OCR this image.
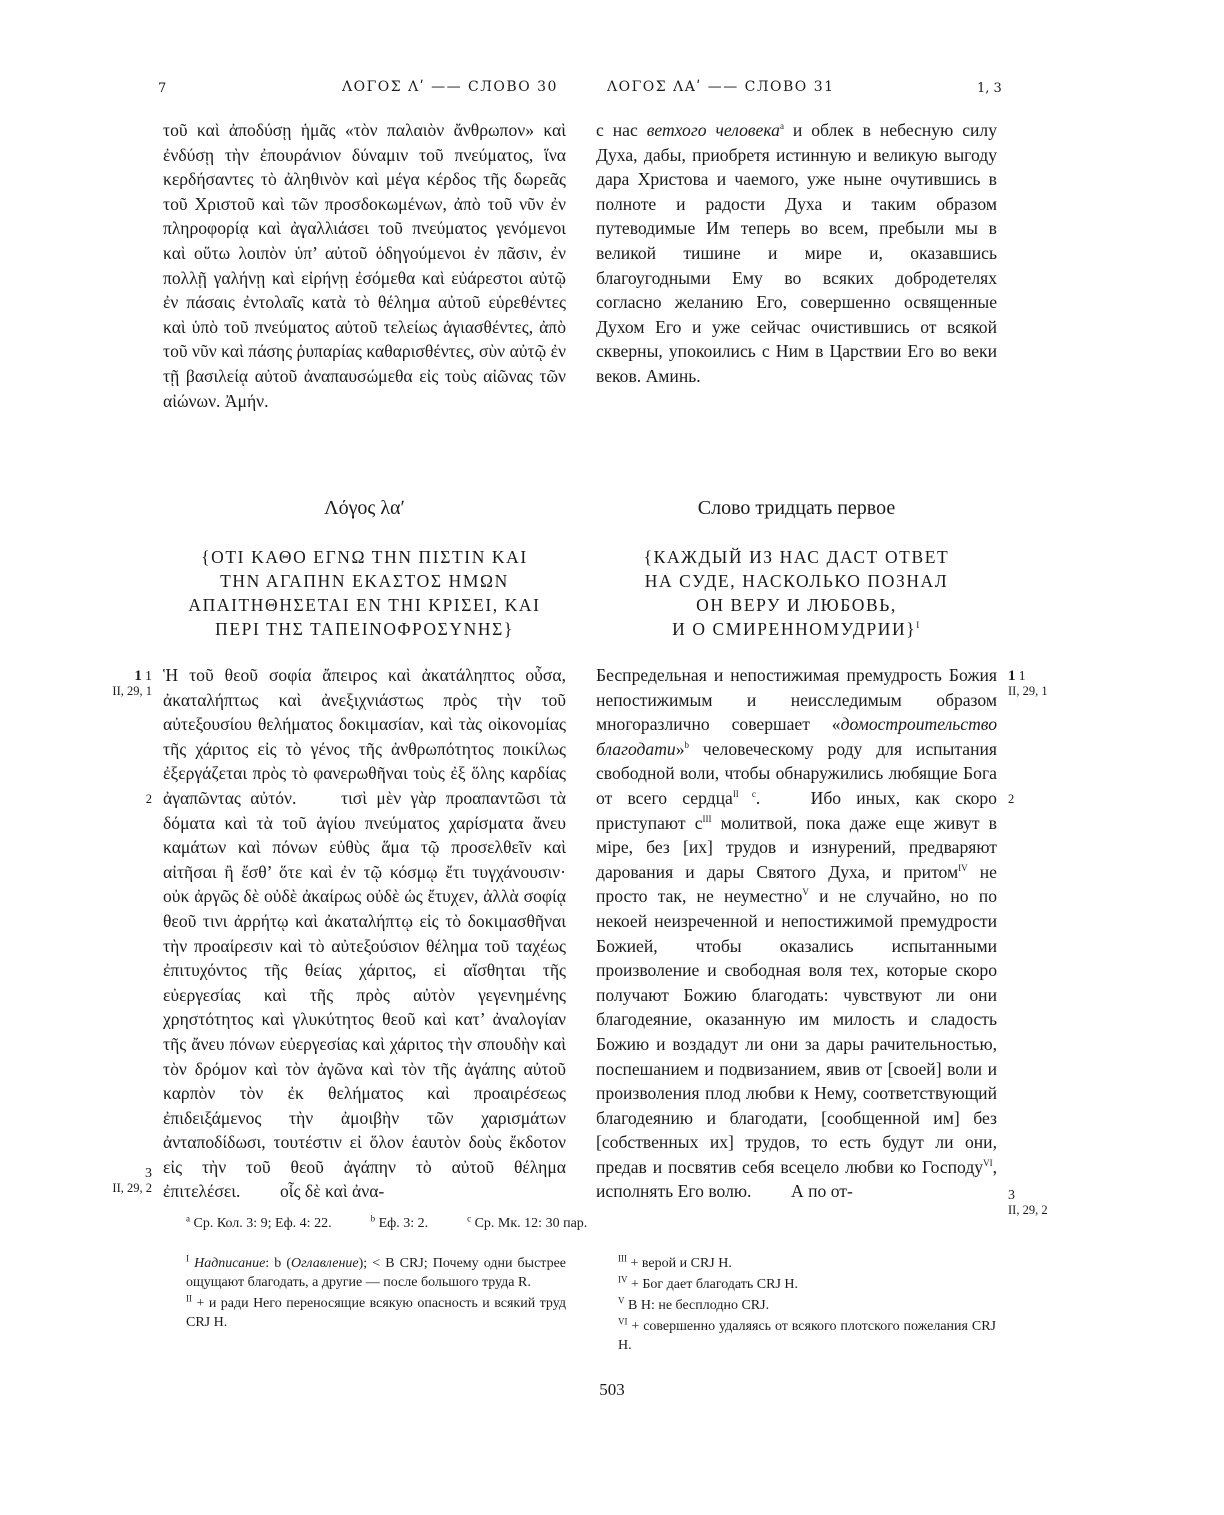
7	ΛΟΓΟΣ Λʹ —— СЛОВО 30	ΛΟΓΟΣ ΛΑʹ —— СЛОВО 31	1, 3

τοῦ καὶ ἀποδύσῃ ἡμᾶς «τὸν παλαιὸν ἄνθρωπον» καὶ ἐνδύσῃ τὴν ἐπουράνιον δύναμιν τοῦ πνεύματος, ἵνα κερδήσαντες τὸ ἀληθινὸν καὶ μέγα κέρδος τῆς δωρεᾶς τοῦ Χριστοῦ καὶ τῶν προσδοκωμένων, ἀπὸ τοῦ νῦν ἐν πληροφορίᾳ καὶ ἀγαλλιάσει τοῦ πνεύματος γενόμενοι καὶ οὕτω λοιπὸν ὑπ’ αὐτοῦ ὁδηγούμενοι ἐν πᾶσιν, ἐν πολλῇ γαλήνῃ καὶ εἰρήνῃ ἐσόμεθα καὶ εὐάρεστοι αὐτῷ ἐν πάσαις ἐντολαῖς κατὰ τὸ θέλημα αὐτοῦ εὑρεθέντες καὶ ὑπὸ τοῦ πνεύματος αὐτοῦ τελείως ἁγιασθέντες, ἀπὸ τοῦ νῦν καὶ πάσης ῥυπαρίας καθαρισθέντες, σὺν αὐτῷ ἐν τῇ βασιλείᾳ αὐτοῦ ἀναπαυσώμεθα εἰς τοὺς αἰῶνας τῶν αἰώνων. Ἀμήν.

с нас ветхого человека$^a$ и облек в небесную силу Духа, дабы, приобретя истинную и великую выгоду дара Христова и чаемого, уже ныне очутившись в полноте и радости Духа и таким образом путеводимые Им теперь во всем, пребыли мы в великой тишине и мире и, оказавшись благоугодными Ему во всяких добродетелях согласно желанию Его, совершенно освященные Духом Его и уже сейчас очистившись от всякой скверны, упокоились с Ним в Царствии Его во веки веков. Аминь.

Λόγος λαʹ	Слово тридцать первое
{ΟΤΙ ΚΑΘΟ ΕΓΝΩ ΤΗΝ ΠΙΣΤΙΝ ΚΑΙ
ΤΗΝ ΑΓΑΠΗΝ ΕΚΑΣΤΟΣ ΗΜΩΝ
ΑΠΑΙΤΗΘΗΣΕΤΑΙ ΕΝ ΤΗΙ ΚΡΙΣΕΙ, ΚΑΙ
ΠΕΡΙ ΤΗΣ ΤΑΠΕΙΝΟΦΡΟΣΥΝΗΣ}
{КАЖДЫЙ ИЗ НАС ДАСТ ОТВЕТ
НА СУДЕ, НАСКОЛЬКО ПОЗНАЛ
ОН ВЕРУ И ЛЮБОВЬ,
И О СМИРЕННОМУДРИИ}$^I$
1 1
II, 29, 1
2
3
II, 29, 2
1 1
II, 29, 1
2
3
II, 29, 2

Ἡ τοῦ θεοῦ σοφία ἄπειρος καὶ ἀκατάληπτος οὖσα, ἀκαταλήπτως καὶ ἀνεξιχνιάστως πρὸς τὴν τοῦ αὐτεξουσίου θελήματος δοκιμασίαν, καὶ τὰς οἰκονομίας τῆς χάριτος εἰς τὸ γένος τῆς ἀνθρωπότητος ποικίλως ἐξεργάζεται πρὸς τὸ φανερωθῆναι τοὺς ἐξ ὅλης καρδίας ἀγαπῶντας αὐτόν.  	τισὶ μὲν γὰρ προαπαντῶσι τὰ δόματα καὶ τὰ τοῦ ἁγίου πνεύματος χαρίσματα ἄνευ καμάτων καὶ πόνων εὐθὺς ἅμα τῷ προσελθεῖν καὶ αἰτῆσαι ἢ ἔσθ’ ὅτε καὶ ἐν τῷ κόσμῳ ἔτι τυγχάνουσιν· οὐκ ἀργῶς δὲ οὐδὲ ἀκαίρως οὐδὲ ὡς ἔτυχεν, ἀλλὰ σοφίᾳ θεοῦ τινι ἀρρήτῳ καὶ ἀκαταλήπτῳ εἰς τὸ δοκιμασθῆναι τὴν προαίρεσιν καὶ τὸ αὐτεξούσιον θέλημα τοῦ ταχέως ἐπιτυχόντος τῆς θείας χάριτος, εἰ αἴσθηται τῆς εὐεργεσίας καὶ τῆς πρὸς αὐτὸν γεγενημένης χρηστότητος καὶ γλυκύτητος θεοῦ καὶ κατ’ ἀναλογίαν τῆς ἄνευ πόνων εὐεργεσίας καὶ χάριτος τὴν σπουδὴν καὶ τὸν δρόμον καὶ τὸν ἀγῶνα καὶ τὸν τῆς ἀγάπης αὐτοῦ καρπὸν τὸν ἐκ θελήματος καὶ προαιρέσεως ἐπιδειξάμενος τὴν ἀμοιβὴν τῶν χαρισμάτων ἀνταποδίδωσι, τουτέστιν εἰ ὅλον ἑαυτὸν δοὺς ἔκδοτον εἰς τὴν τοῦ θεοῦ ἀγάπην τὸ αὐτοῦ θέλημα ἐπιτελέσει.   οἷς δὲ καὶ ἀνα-

Беспредельная и непостижимая премудрость Божия непостижимым и неисследимым образом многоразлично совершает «домостроительство благодати»$^b$ человеческому роду для испытания свободной воли, чтобы обнаружились любящие Бога от всего сердца$^{II c}$.  	Ибо иных, как скоро приступают $с^{III}$ молитвой, пока даже еще живут в міре, без [их] трудов и изнурений, предваряют дарования и дары Святого Духа, и притом$^{IV}$ не просто так, не неуместно$^V$ и не случайно, но по некоей неизреченной и непостижимой премудрости Божией, чтобы оказались испытанными произволение и свободная воля тех, которые скоро получают Божию благодать: чувствуют ли они благодеяние, оказанную им милость и сладость Божию и воздадут ли они за дары рачительностью, поспешанием и подвизанием, явив от [своей] воли и произволения плод любви к Нему, соответствующий благодеянию и благодати, [сообщенной им] без [собственных их] трудов, то есть будут ли они, предав и посвятив себя всецело любви ко Господу$^{VI}$, исполнять Его волю.   А по от-

$^a$ Ср. Кол. 3: 9; Еф. 4: 22.	$^b$ Еф. 3: 2.	$^c$ Ср. Мк. 12: 30 пар.

$^I$ Надписание: b (Оглавление); < B CRJ; Почему одни быстрее ощущают благодать, а другие — после большого труда R.

$^{II}$ + и ради Него переносящие всякую опасность и всякий труд CRJ H.

$^{III}$ + верой и CRJ H.

$^{IV}$ + Бог дает благодать CRJ H.

$^V$ В H: не бесплодно CRJ.

$^{VI}$ + совершенно удаляясь от всякого плотского пожелания CRJ H.

503
